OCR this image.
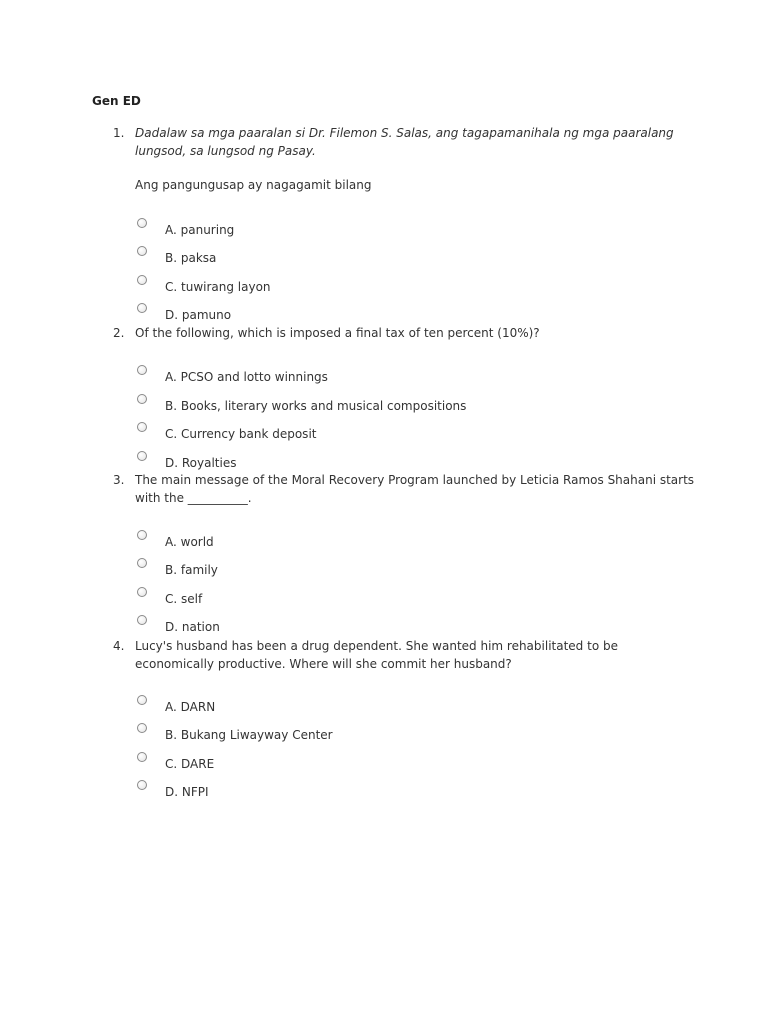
Gen ED
1. Dadalaw sa mga paaralan si Dr. Filemon S. Salas, ang tagapamanihala ng mga paaralang lungsod, sa lungsod ng Pasay.
Ang pangungusap ay nagagamit bilang
A. panuring
B. paksa
C. tuwirang layon
D. pamuno
2. Of the following, which is imposed a final tax of ten percent (10%)?
A. PCSO and lotto winnings
B. Books, literary works and musical compositions
C. Currency bank deposit
D. Royalties
3. The main message of the Moral Recovery Program launched by Leticia Ramos Shahani starts with the __________.
A. world
B. family
C. self
D. nation
4. Lucy's husband has been a drug dependent. She wanted him rehabilitated to be economically productive. Where will she commit her husband?
A. DARN
B. Bukang Liwayway Center
C. DARE
D. NFPI
